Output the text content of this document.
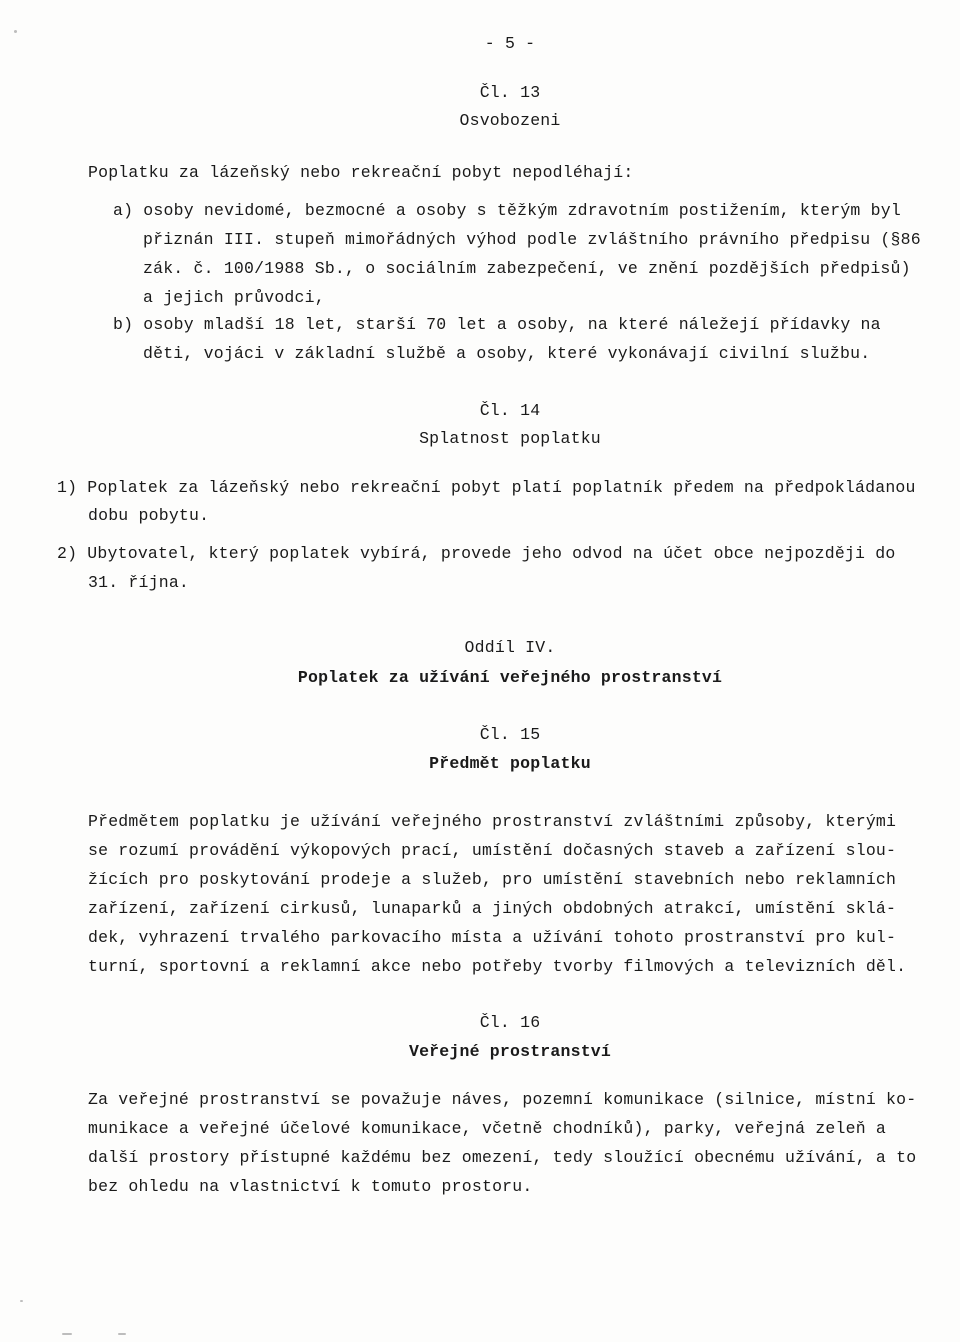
- 5 -
Čl. 13
Osvobozeni
Poplatku za lázeňský nebo rekreační pobyt nepodléhají:
a) osoby nevidomé, bezmocné a osoby s těžkým zdravotním postižením, kterým byl
přiznán III. stupeň mimořádných výhod podle zvláštního právního předpisu (§86
zák. č. 100/1988 Sb., o sociálním zabezpečení, ve znění pozdějších předpisů)
a jejich průvodci,
b) osoby mladší 18 let, starší 70 let a osoby, na které náležejí přídavky na
děti, vojáci v základní službě a osoby, které vykonávají civilní službu.
Čl. 14
Splatnost poplatku
1) Poplatek za lázeňský nebo rekreační pobyt platí poplatník předem na předpokládanou
dobu pobytu.
2) Ubytovatel, který poplatek vybírá, provede jeho odvod na účet obce nejpozději do
31. října.
Oddíl IV.
Poplatek za užívání veřejného prostranství
Čl. 15
Předmět poplatku
Předmětem poplatku je užívání veřejného prostranství zvláštními způsoby, kterými
se rozumí provádění výkopových prací, umístění dočasných staveb a zařízení slou-
žících pro poskytování prodeje a služeb, pro umístění stavebních nebo reklamních
zařízení, zařízení cirkusů, lunaparků a jiných obdobných atrakcí, umístění sklá-
dek, vyhrazení trvalého parkovacího místa a užívání tohoto prostranství pro kul-
turní, sportovní a reklamní akce nebo potřeby tvorby filmových a televizních děl.
Čl. 16
Veřejné prostranství
Za veřejné prostranství se považuje náves, pozemní komunikace (silnice, místní ko-
munikace a veřejné účelové komunikace, včetně chodníků), parky, veřejná zeleň a
další prostory přístupné každému bez omezení, tedy sloužící obecnému užívání, a to
bez ohledu na vlastnictví k tomuto prostoru.
